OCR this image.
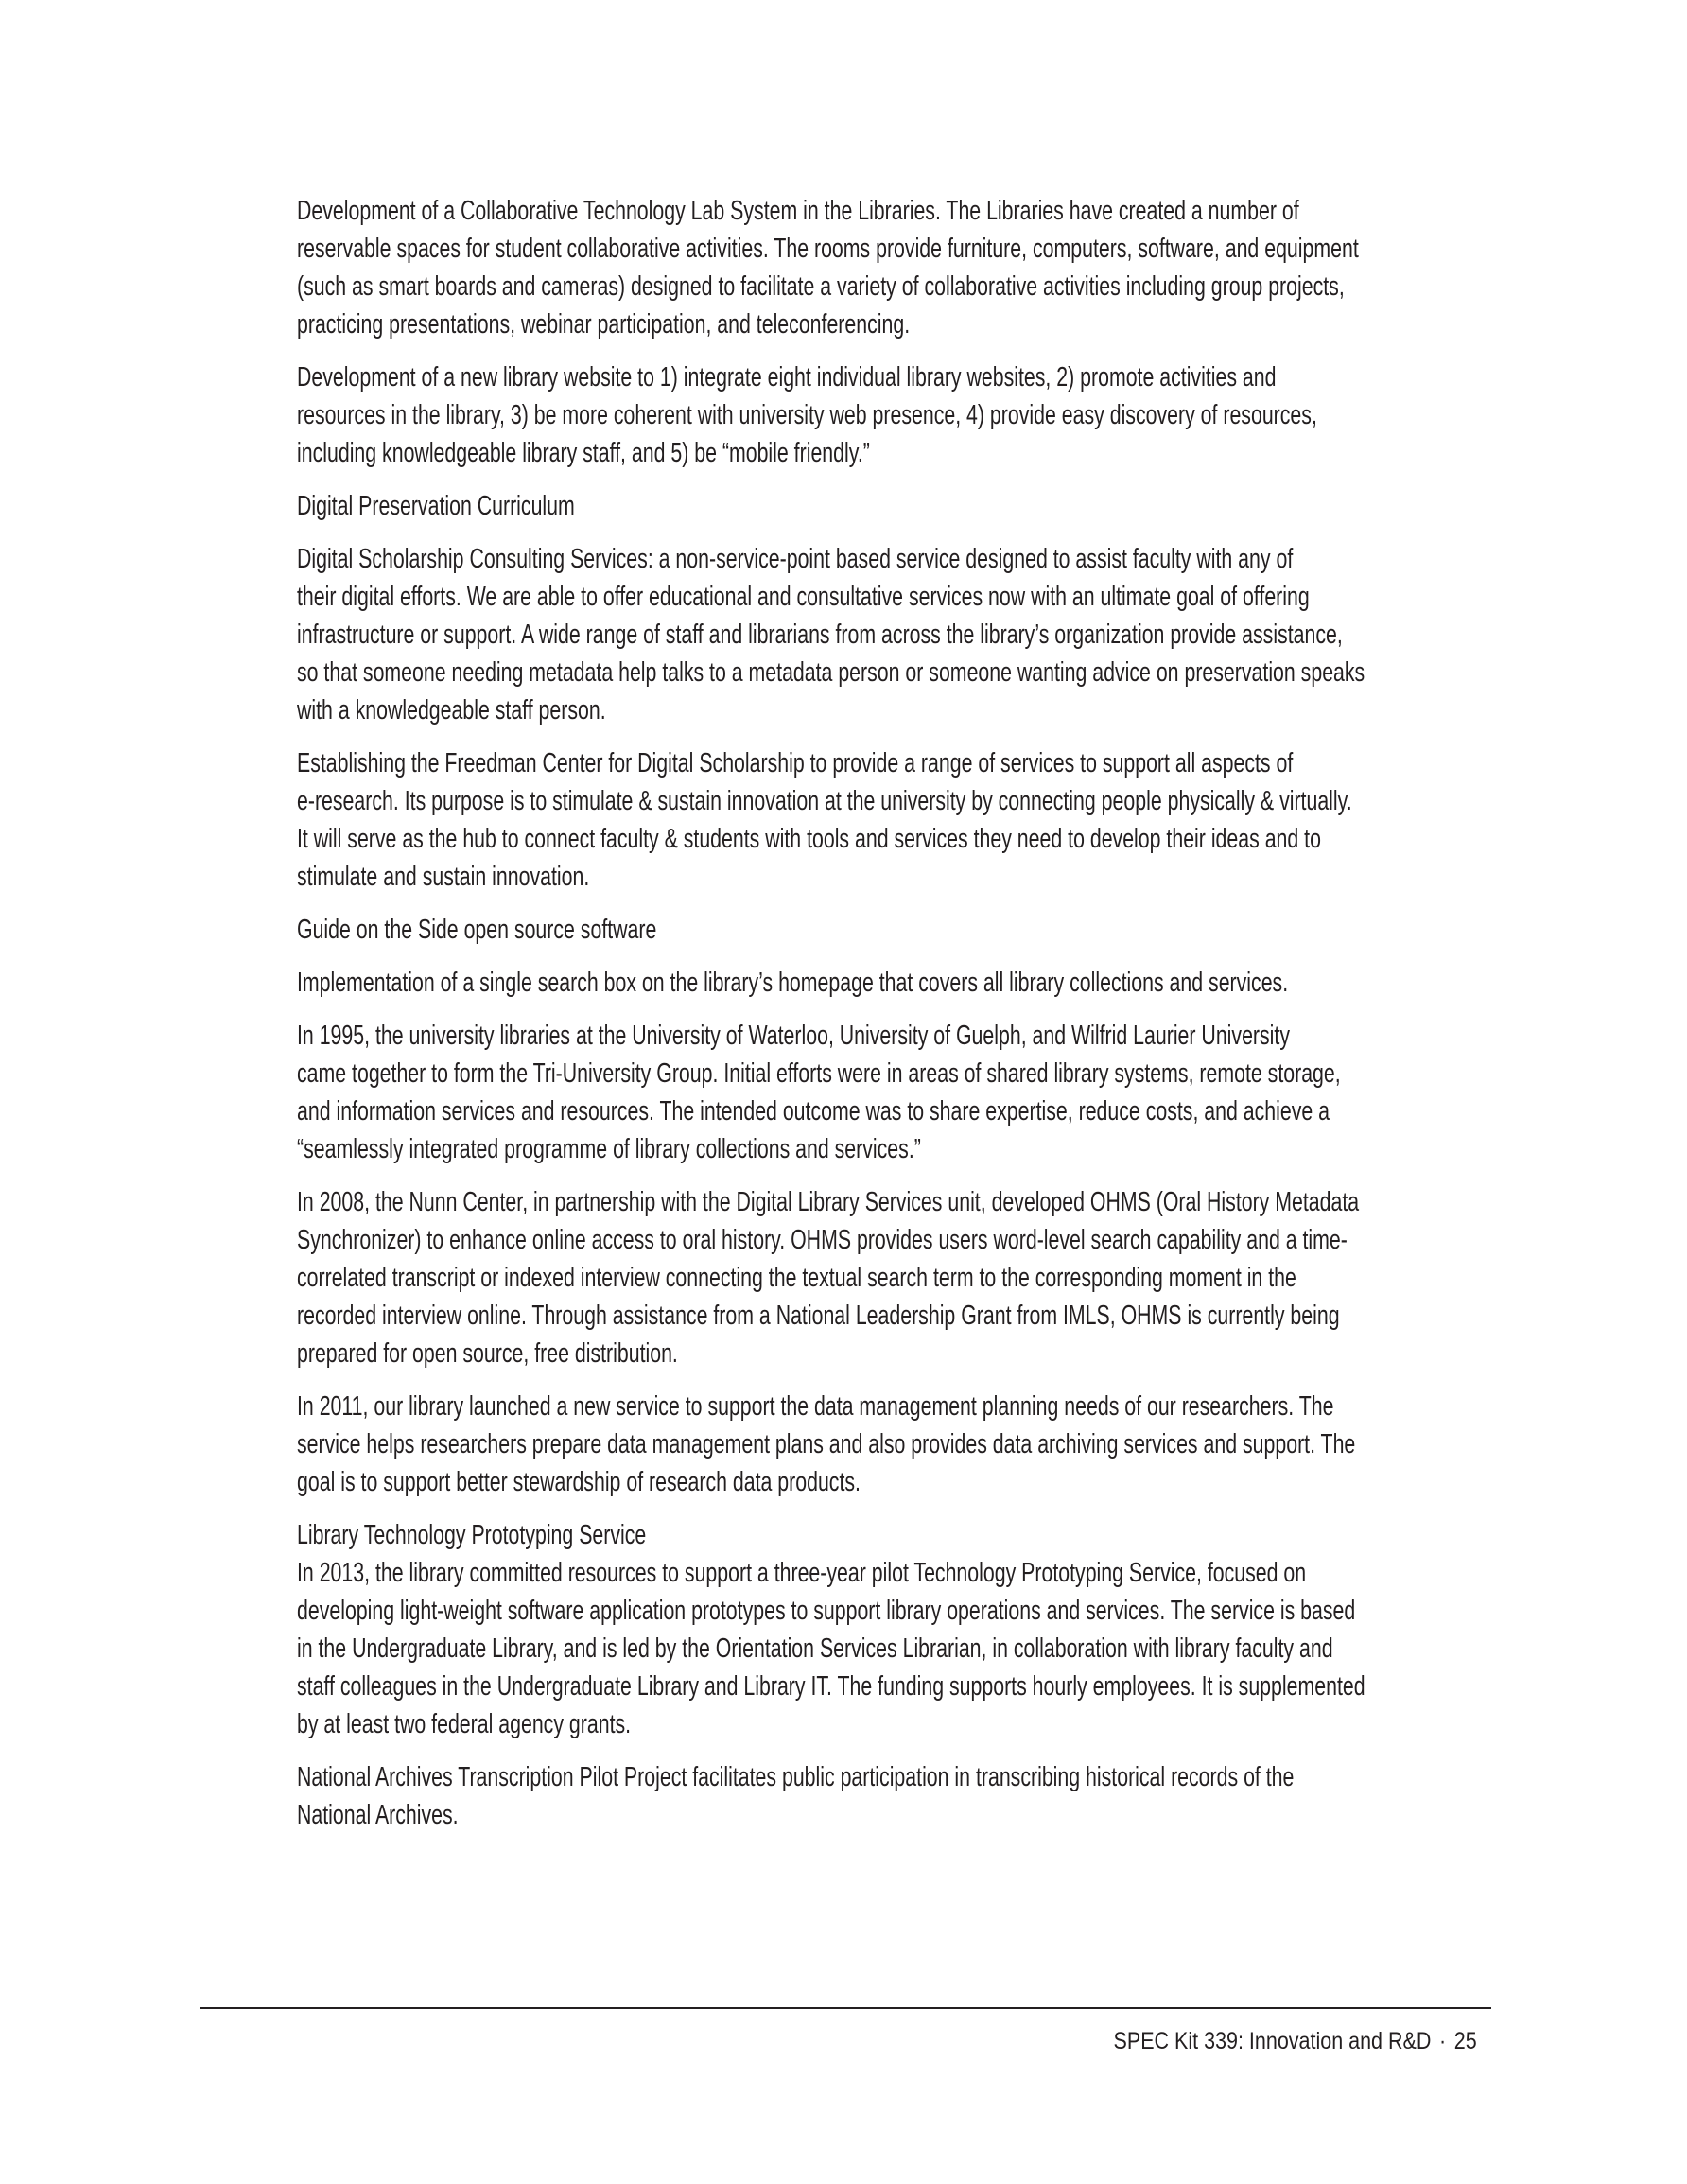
Development of a Collaborative Technology Lab System in the Libraries. The Libraries have created a number of
reservable spaces for student collaborative activities. The rooms provide furniture, computers, software, and equipment
(such as smart boards and cameras) designed to facilitate a variety of collaborative activities including group projects,
practicing presentations, webinar participation, and teleconferencing.

Development of a new library website to 1) integrate eight individual library websites, 2) promote activities and
resources in the library, 3) be more coherent with university web presence, 4) provide easy discovery of resources,
including knowledgeable library staff, and 5) be “mobile friendly.”

Digital Preservation Curriculum

Digital Scholarship Consulting Services: a non-service-point based service designed to assist faculty with any of
their digital efforts. We are able to offer educational and consultative services now with an ultimate goal of offering
infrastructure or support. A wide range of staff and librarians from across the library’s organization provide assistance,
so that someone needing metadata help talks to a metadata person or someone wanting advice on preservation speaks
with a knowledgeable staff person.

Establishing the Freedman Center for Digital Scholarship to provide a range of services to support all aspects of
e-research. Its purpose is to stimulate & sustain innovation at the university by connecting people physically & virtually.
It will serve as the hub to connect faculty & students with tools and services they need to develop their ideas and to
stimulate and sustain innovation.

Guide on the Side open source software

Implementation of a single search box on the library’s homepage that covers all library collections and services.

In 1995, the university libraries at the University of Waterloo, University of Guelph, and Wilfrid Laurier University
came together to form the Tri-University Group. Initial efforts were in areas of shared library systems, remote storage,
and information services and resources. The intended outcome was to share expertise, reduce costs, and achieve a
“seamlessly integrated programme of library collections and services.”

In 2008, the Nunn Center, in partnership with the Digital Library Services unit, developed OHMS (Oral History Metadata
Synchronizer) to enhance online access to oral history. OHMS provides users word-level search capability and a time-
correlated transcript or indexed interview connecting the textual search term to the corresponding moment in the
recorded interview online. Through assistance from a National Leadership Grant from IMLS, OHMS is currently being
prepared for open source, free distribution.

In 2011, our library launched a new service to support the data management planning needs of our researchers. The
service helps researchers prepare data management plans and also provides data archiving services and support. The
goal is to support better stewardship of research data products.

Library Technology Prototyping Service
In 2013, the library committed resources to support a three-year pilot Technology Prototyping Service, focused on
developing light-weight software application prototypes to support library operations and services. The service is based
in the Undergraduate Library, and is led by the Orientation Services Librarian, in collaboration with library faculty and
staff colleagues in the Undergraduate Library and Library IT. The funding supports hourly employees. It is supplemented
by at least two federal agency grants.

National Archives Transcription Pilot Project facilitates public participation in transcribing historical records of the
National Archives.

SPEC Kit 339: Innovation and R&D · 25
